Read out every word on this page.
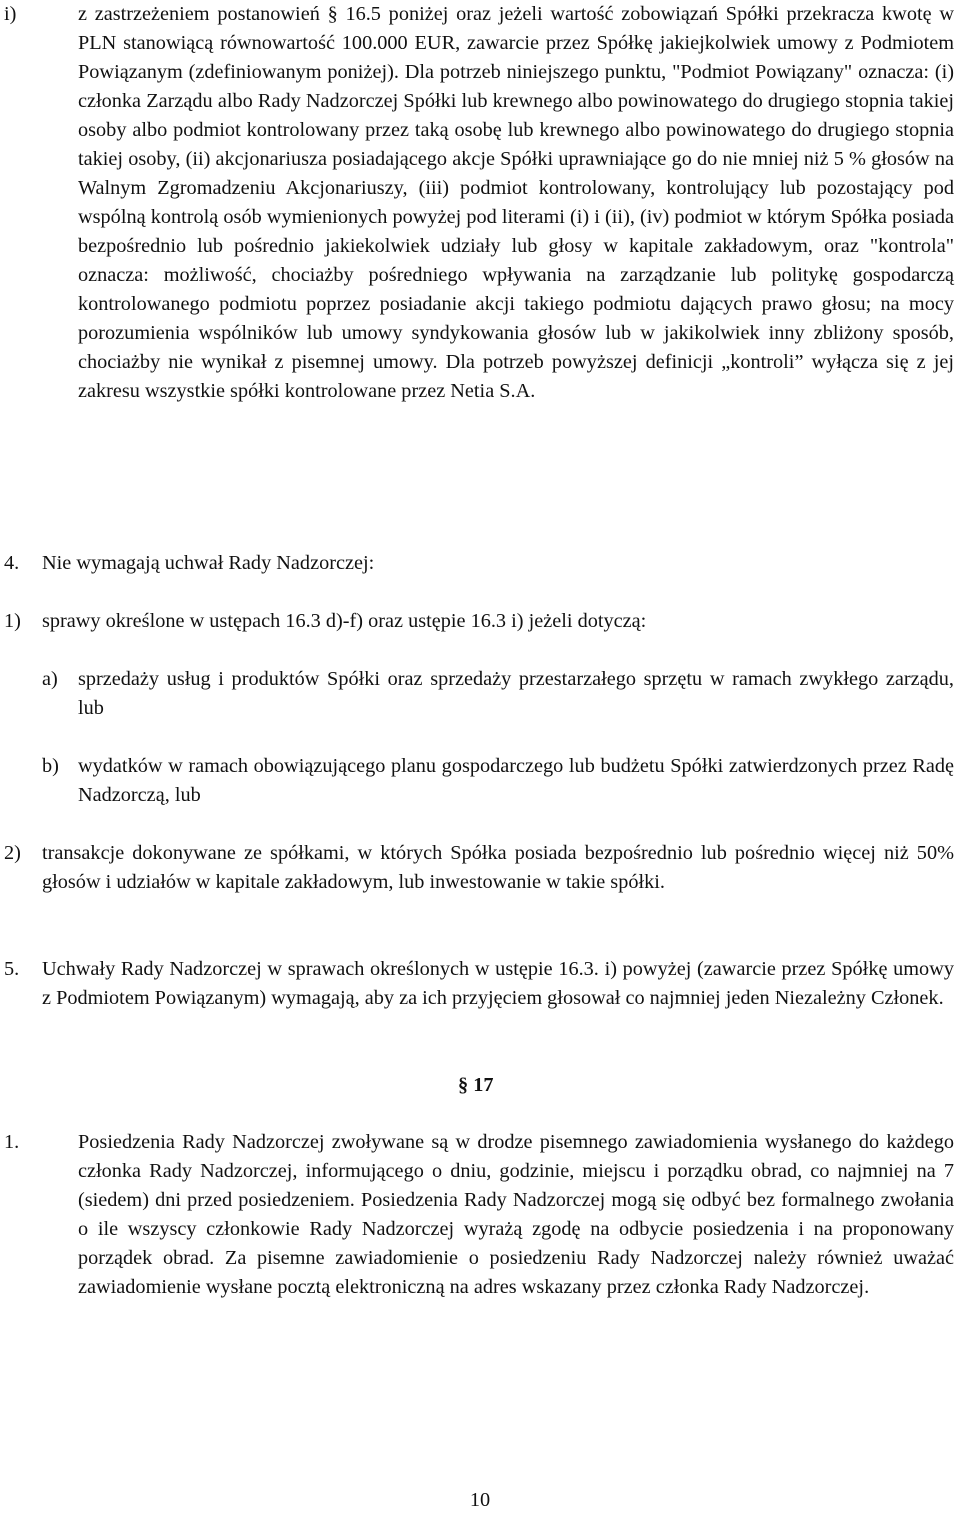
i)	z zastrzeżeniem postanowień § 16.5 poniżej oraz jeżeli wartość zobowiązań Spółki przekracza kwotę w PLN stanowiącą równowartość 100.000 EUR, zawarcie przez Spółkę jakiejkolwiek umowy z Podmiotem Powiązanym (zdefiniowanym poniżej). Dla potrzeb niniejszego punktu, "Podmiot Powiązany" oznacza: (i) członka Zarządu albo Rady Nadzorczej Spółki lub krewnego albo powinowatego do drugiego stopnia takiej osoby albo podmiot kontrolowany przez taką osobę lub krewnego albo powinowatego do drugiego stopnia takiej osoby, (ii) akcjonariusza posiadającego akcje Spółki uprawniające go do nie mniej niż 5 % głosów na Walnym Zgromadzeniu Akcjonariuszy, (iii) podmiot kontrolowany, kontrolujący lub pozostający pod wspólną kontrolą osób wymienionych powyżej pod literami (i) i (ii), (iv) podmiot w którym Spółka posiada bezpośrednio lub pośrednio jakiekolwiek udziały lub głosy w kapitale zakładowym, oraz "kontrola" oznacza: możliwość, chociażby pośredniego wpływania na zarządzanie lub politykę gospodarczą kontrolowanego podmiotu poprzez posiadanie akcji takiego podmiotu dających prawo głosu; na mocy porozumienia wspólników lub umowy syndykowania głosów lub w jakikolwiek inny zbliżony sposób, chociażby nie wynikał z pisemnej umowy. Dla potrzeb powyższej definicji „kontroli” wyłącza się z jej zakresu wszystkie spółki kontrolowane przez Netia S.A.
4.	Nie wymagają uchwał Rady Nadzorczej:
1)	sprawy określone w ustępach 16.3 d)-f) oraz ustępie 16.3 i) jeżeli dotyczą:
a) sprzedaży usług i produktów Spółki oraz sprzedaży przestarzałego sprzętu w ramach zwykłego zarządu, lub
b) wydatków w ramach obowiązującego planu gospodarczego lub budżetu Spółki zatwierdzonych przez Radę Nadzorczą, lub
2)	transakcje dokonywane ze spółkami, w których Spółka posiada bezpośrednio lub pośrednio więcej niż 50% głosów i udziałów w kapitale zakładowym, lub inwestowanie w takie spółki.
5.	Uchwały Rady Nadzorczej w sprawach określonych w ustępie 16.3. i) powyżej (zawarcie przez Spółkę umowy z Podmiotem Powiązanym) wymagają, aby za ich przyjęciem głosował co najmniej jeden Niezależny Członek.
§ 17
1.	Posiedzenia Rady Nadzorczej zwoływane są w drodze pisemnego zawiadomienia wysłanego do każdego członka Rady Nadzorczej, informującego o dniu, godzinie, miejscu i porządku obrad, co najmniej na 7 (siedem) dni przed posiedzeniem. Posiedzenia Rady Nadzorczej mogą się odbyć bez formalnego zwołania o ile wszyscy członkowie Rady Nadzorczej wyrażą zgodę na odbycie posiedzenia i na proponowany porządek obrad. Za pisemne zawiadomienie o posiedzeniu Rady Nadzorczej należy również uważać zawiadomienie wysłane pocztą elektroniczną na adres wskazany przez członka Rady Nadzorczej.
10
